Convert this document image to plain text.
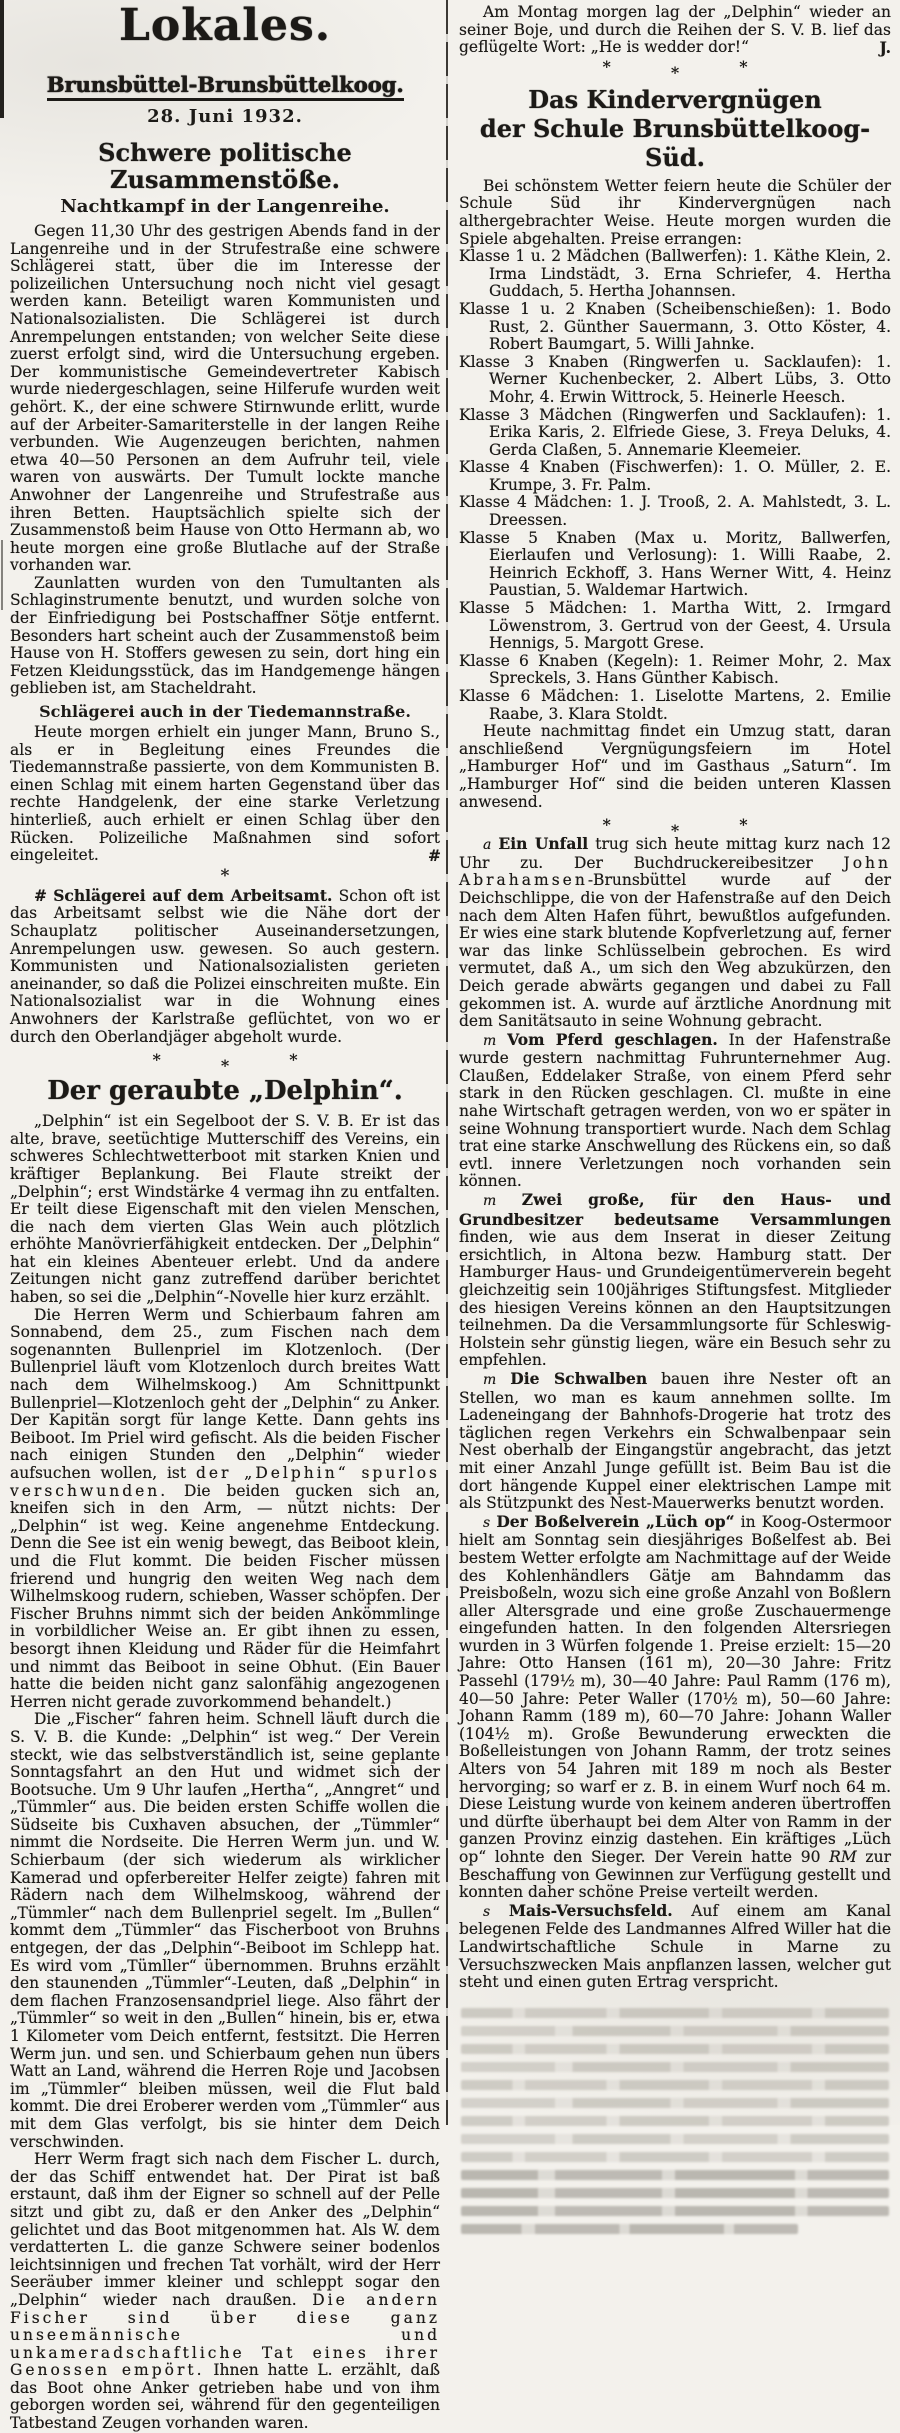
Lokales.

Brunsbüttel-Brunsbüttelkoog.
28. Juni 1932.
Schwere politische Zusammenstöße.
Nachtkampf in der Langenreihe.

Gegen 11,30 Uhr des gestrigen Abends fand in der Langenreihe und in der Strufestraße eine schwere Schlägerei statt, über die im Interesse der polizeilichen Untersuchung noch nicht viel gesagt werden kann. Beteiligt waren Kommunisten und Nationalsozialisten. Die Schlägerei ist durch Anrempelungen entstanden; von welcher Seite diese zuerst erfolgt sind, wird die Untersuchung ergeben. Der kommunistische Gemeindevertreter Kabisch wurde niedergeschlagen, seine Hilferufe wurden weit gehört. K., der eine schwere Stirnwunde erlitt, wurde auf der Arbeiter-Samariterstelle in der langen Reihe verbunden. Wie Augenzeugen berichten, nahmen etwa 40—50 Personen an dem Aufruhr teil, viele waren von auswärts. Der Tumult lockte manche Anwohner der Langenreihe und Strufestraße aus ihren Betten. Hauptsächlich spielte sich der Zusammenstoß beim Hause von Otto Hermann ab, wo heute morgen eine große Blutlache auf der Straße vorhanden war.

Zaunlatten wurden von den Tumultanten als Schlaginstrumente benutzt, und wurden solche von der Einfriedigung bei Postschaffner Sötje entfernt. Besonders hart scheint auch der Zusammenstoß beim Hause von H. Stoffers gewesen zu sein, dort hing ein Fetzen Kleidungsstück, das im Handgemenge hängen geblieben ist, am Stacheldraht.

Schlägerei auch in der Tiedemannstraße.

Heute morgen erhielt ein junger Mann, Bruno S., als er in Begleitung eines Freundes die Tiedemannstraße passierte, von dem Kommunisten B. einen Schlag mit einem harten Gegenstand über das rechte Handgelenk, der eine starke Verletzung hinterließ, auch erhielt er einen Schlag über den Rücken. Polizeiliche Maßnahmen sind sofort eingeleitet.	#

*

# Schlägerei auf dem Arbeitsamt. Schon oft ist das Arbeitsamt selbst wie die Nähe dort der Schauplatz politischer Auseinandersetzungen, Anrempelungen usw. gewesen. So auch gestern. Kommunisten und Nationalsozialisten gerieten aneinander, so daß die Polizei einschreiten mußte. Ein Nationalsozialist war in die Wohnung eines Anwohners der Karlstraße geflüchtet, von wo er durch den Oberlandjäger abgeholt wurde.

*	*	*
Der geraubte „Delphin“.

„Delphin“ ist ein Segelboot der S. V. B. Er ist das alte, brave, seetüchtige Mutterschiff des Vereins, ein schweres Schlechtwetterboot mit starken Knien und kräftiger Beplankung. Bei Flaute streikt der „Delphin“; erst Windstärke 4 vermag ihn zu entfalten. Er teilt diese Eigenschaft mit den vielen Menschen, die nach dem vierten Glas Wein auch plötzlich erhöhte Manövrierfähigkeit entdecken. Der „Delphin“ hat ein kleines Abenteuer erlebt. Und da andere Zeitungen nicht ganz zutreffend darüber berichtet haben, so sei die „Delphin“-Novelle hier kurz erzählt.

Die Herren Werm und Schierbaum fahren am Sonnabend, dem 25., zum Fischen nach dem sogenannten Bullenpriel im Klotzenloch. (Der Bullenpriel läuft vom Klotzenloch durch breites Watt nach dem Wilhelmskoog.) Am Schnittpunkt Bullenpriel—Klotzenloch geht der „Delphin“ zu Anker. Der Kapitän sorgt für lange Kette. Dann gehts ins Beiboot. Im Priel wird gefischt. Als die beiden Fischer nach einigen Stunden den „Delphin“ wieder aufsuchen wollen, ist der „Delphin“ spurlos verschwunden. Die beiden gucken sich an, kneifen sich in den Arm, — nützt nichts: Der „Delphin“ ist weg. Keine angenehme Entdeckung. Denn die See ist ein wenig bewegt, das Beiboot klein, und die Flut kommt. Die beiden Fischer müssen frierend und hungrig den weiten Weg nach dem Wilhelmskoog rudern, schieben, Wasser schöpfen. Der Fischer Bruhns nimmt sich der beiden Ankömmlinge in vorbildlicher Weise an. Er gibt ihnen zu essen, besorgt ihnen Kleidung und Räder für die Heimfahrt und nimmt das Beiboot in seine Obhut. (Ein Bauer hatte die beiden nicht ganz salonfähig angezogenen Herren nicht gerade zuvorkommend behandelt.)

Die „Fischer“ fahren heim. Schnell läuft durch die S. V. B. die Kunde: „Delphin“ ist weg.“ Der Verein steckt, wie das selbstverständlich ist, seine geplante Sonntagsfahrt an den Hut und widmet sich der Bootsuche. Um 9 Uhr laufen „Hertha“, „Anngret“ und „Tümmler“ aus. Die beiden ersten Schiffe wollen die Südseite bis Cuxhaven absuchen, der „Tümmler“ nimmt die Nordseite. Die Herren Werm jun. und W. Schierbaum (der sich wiederum als wirklicher Kamerad und opferbereiter Helfer zeigte) fahren mit Rädern nach dem Wilhelmskoog, während der „Tümmler“ nach dem Bullenpriel segelt. Im „Bullen“ kommt dem „Tümmler“ das Fischerboot von Bruhns entgegen, der das „Delphin“-Beiboot im Schlepp hat. Es wird vom „Tümller“ übernommen. Bruhns erzählt den staunenden „Tümmler“-Leuten, daß „Delphin“ in dem flachen Franzosensandpriel liege. Also fährt der „Tümmler“ so weit in den „Bullen“ hinein, bis er, etwa 1 Kilometer vom Deich entfernt, festsitzt. Die Herren Werm jun. und sen. und Schierbaum gehen nun übers Watt an Land, während die Herren Roje und Jacobsen im „Tümmler“ bleiben müssen, weil die Flut bald kommt. Die drei Eroberer werden vom „Tümmler“ aus mit dem Glas verfolgt, bis sie hinter dem Deich verschwinden.

Herr Werm fragt sich nach dem Fischer L. durch, der das Schiff entwendet hat. Der Pirat ist baß erstaunt, daß ihm der Eigner so schnell auf der Pelle sitzt und gibt zu, daß er den Anker des „Delphin“ gelichtet und das Boot mitgenommen hat. Als W. dem verdatterten L. die ganze Schwere seiner bodenlos leichtsinnigen und frechen Tat vorhält, wird der Herr Seeräuber immer kleiner und schleppt sogar den „Delphin“ wieder nach draußen. Die andern Fischer sind über diese ganz unseemännische und unkameradschaftliche Tat eines ihrer Genossen empört. Ihnen hatte L. erzählt, daß das Boot ohne Anker getrieben habe und von ihm geborgen worden sei, während für den gegenteiligen Tatbestand Zeugen vorhanden waren.

Am Montag morgen lag der „Delphin“ wieder an seiner Boje, und durch die Reihen der S. V. B. lief das geflügelte Wort: „He is wedder dor!“	J.

*	*	*
Das Kindervergnügen
der Schule Brunsbüttelkoog-Süd.

Bei schönstem Wetter feiern heute die Schüler der Schule Süd ihr Kindervergnügen nach althergebrachter Weise. Heute morgen wurden die Spiele abgehalten. Preise errangen:

Klasse 1 u. 2 Mädchen (Ballwerfen): 1. Käthe Klein, 2. Irma Lindstädt, 3. Erna Schriefer, 4. Hertha Guddach, 5. Hertha Johannsen.
Klasse 1 u. 2 Knaben (Scheibenschießen): 1. Bodo Rust, 2. Günther Sauermann, 3. Otto Köster, 4. Robert Baumgart, 5. Willi Jahnke.
Klasse 3 Knaben (Ringwerfen u. Sacklaufen): 1. Werner Kuchenbecker, 2. Albert Lübs, 3. Otto Mohr, 4. Erwin Wittrock, 5. Heinerle Heesch.
Klasse 3 Mädchen (Ringwerfen und Sacklaufen): 1. Erika Karis, 2. Elfriede Giese, 3. Freya Deluks, 4. Gerda Claßen, 5. Annemarie Kleemeier.
Klasse 4 Knaben (Fischwerfen): 1. O. Müller, 2. E. Krumpe, 3. Fr. Palm.
Klasse 4 Mädchen: 1. J. Trooß, 2. A. Mahlstedt, 3. L. Dreessen.
Klasse 5 Knaben (Max u. Moritz, Ballwerfen, Eierlaufen und Verlosung): 1. Willi Raabe, 2. Heinrich Eckhoff, 3. Hans Werner Witt, 4. Heinz Paustian, 5. Waldemar Hartwich.
Klasse 5 Mädchen: 1. Martha Witt, 2. Irmgard Löwenstrom, 3. Gertrud von der Geest, 4. Ursula Hennigs, 5. Margott Grese.
Klasse 6 Knaben (Kegeln): 1. Reimer Mohr, 2. Max Spreckels, 3. Hans Günther Kabisch.
Klasse 6 Mädchen: 1. Liselotte Martens, 2. Emilie Raabe, 3. Klara Stoldt.

Heute nachmittag findet ein Umzug statt, daran anschließend Vergnügungsfeiern im Hotel „Hamburger Hof“ und im Gasthaus „Saturn“. Im „Hamburger Hof“ sind die beiden unteren Klassen anwesend.

*	*	*

a Ein Unfall trug sich heute mittag kurz nach 12 Uhr zu. Der Buchdruckereibesitzer John Abrahamsen-Brunsbüttel wurde auf der Deichschlippe, die von der Hafenstraße auf den Deich nach dem Alten Hafen führt, bewußtlos aufgefunden. Er wies eine stark blutende Kopfverletzung auf, ferner war das linke Schlüsselbein gebrochen. Es wird vermutet, daß A., um sich den Weg abzukürzen, den Deich gerade abwärts gegangen und dabei zu Fall gekommen ist. A. wurde auf ärztliche Anordnung mit dem Sanitätsauto in seine Wohnung gebracht.

m Vom Pferd geschlagen. In der Hafenstraße wurde gestern nachmittag Fuhrunternehmer Aug. Claußen, Eddelaker Straße, von einem Pferd sehr stark in den Rücken geschlagen. Cl. mußte in eine nahe Wirtschaft getragen werden, von wo er später in seine Wohnung transportiert wurde. Nach dem Schlag trat eine starke Anschwellung des Rückens ein, so daß evtl. innere Verletzungen noch vorhanden sein können.

m Zwei große, für den Haus- und Grundbesitzer bedeutsame Versammlungen finden, wie aus dem Inserat in dieser Zeitung ersichtlich, in Altona bezw. Hamburg statt. Der Hamburger Haus- und Grundeigentümerverein begeht gleichzeitig sein 100jähriges Stiftungsfest. Mitglieder des hiesigen Vereins können an den Hauptsitzungen teilnehmen. Da die Versammlungsorte für Schleswig-Holstein sehr günstig liegen, wäre ein Besuch sehr zu empfehlen.

m Die Schwalben bauen ihre Nester oft an Stellen, wo man es kaum annehmen sollte. Im Ladeneingang der Bahnhofs-Drogerie hat trotz des täglichen regen Verkehrs ein Schwalbenpaar sein Nest oberhalb der Eingangstür angebracht, das jetzt mit einer Anzahl Junge gefüllt ist. Beim Bau ist die dort hängende Kuppel einer elektrischen Lampe mit als Stützpunkt des Nest-Mauerwerks benutzt worden.

s Der Boßelverein „Lüch op“ in Koog-Ostermoor hielt am Sonntag sein diesjähriges Boßelfest ab. Bei bestem Wetter erfolgte am Nachmittage auf der Weide des Kohlenhändlers Gätje am Bahndamm das Preisboßeln, wozu sich eine große Anzahl von Boßlern aller Altersgrade und eine große Zuschauermenge eingefunden hatten. In den folgenden Altersriegen wurden in 3 Würfen folgende 1. Preise erzielt: 15—20 Jahre: Otto Hansen (161 m), 20—30 Jahre: Fritz Passehl (179½ m), 30—40 Jahre: Paul Ramm (176 m), 40—50 Jahre: Peter Waller (170½ m), 50—60 Jahre: Johann Ramm (189 m), 60—70 Jahre: Johann Waller (104½ m). Große Bewunderung erweckten die Boßelleistungen von Johann Ramm, der trotz seines Alters von 54 Jahren mit 189 m noch als Bester hervorging; so warf er z. B. in einem Wurf noch 64 m. Diese Leistung wurde von keinem anderen übertroffen und dürfte überhaupt bei dem Alter von Ramm in der ganzen Provinz einzig dastehen. Ein kräftiges „Lüch op“ lohnte den Sieger. Der Verein hatte 90 RM zur Beschaffung von Gewinnen zur Verfügung gestellt und konnten daher schöne Preise verteilt werden.

s Mais-Versuchsfeld. Auf einem am Kanal belegenen Felde des Landmannes Alfred Willer hat die Landwirtschaftliche Schule in Marne zu Versuchszwecken Mais anpflanzen lassen, welcher gut steht und einen guten Ertrag verspricht.
